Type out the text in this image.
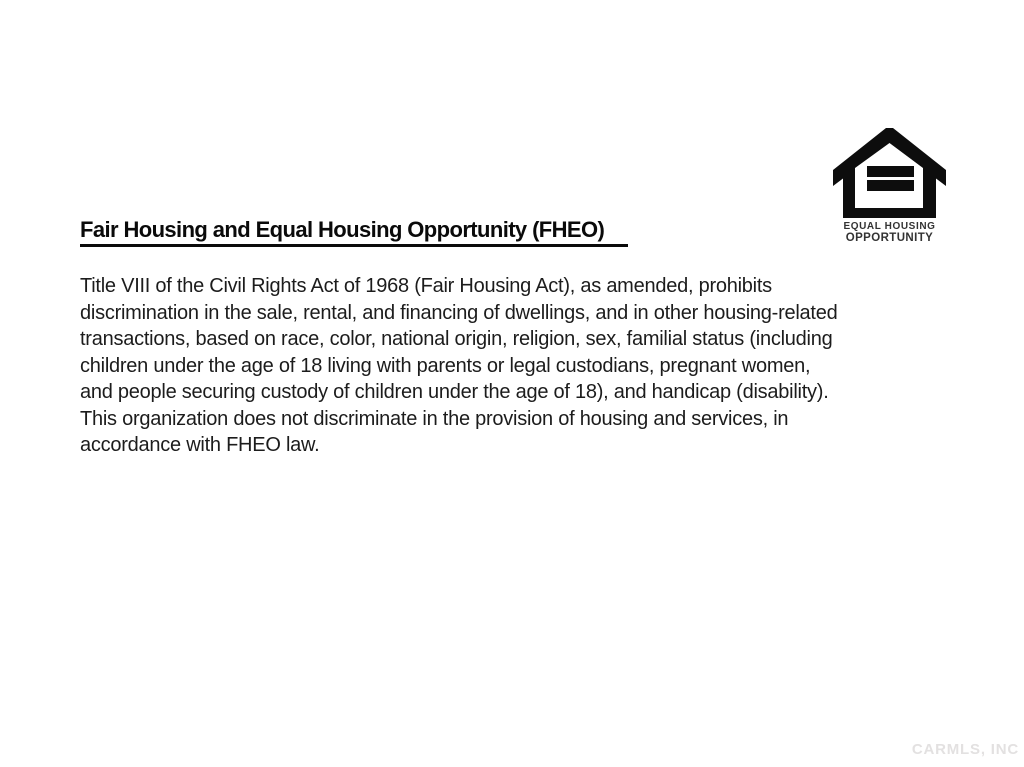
EQUAL HOUSING
OPPORTUNITY
Fair Housing and Equal Housing Opportunity (FHEO)
Title VIII of the Civil Rights Act of 1968 (Fair Housing Act), as amended, prohibits
discrimination in the sale, rental, and financing of dwellings, and in other housing-related
transactions, based on race, color, national origin, religion, sex, familial status (including
children under the age of 18 living with parents or legal custodians, pregnant women,
and people securing custody of children under the age of 18), and handicap (disability).
This organization does not discriminate in the provision of housing and services, in
accordance with FHEO law.
CARMLS, INC
